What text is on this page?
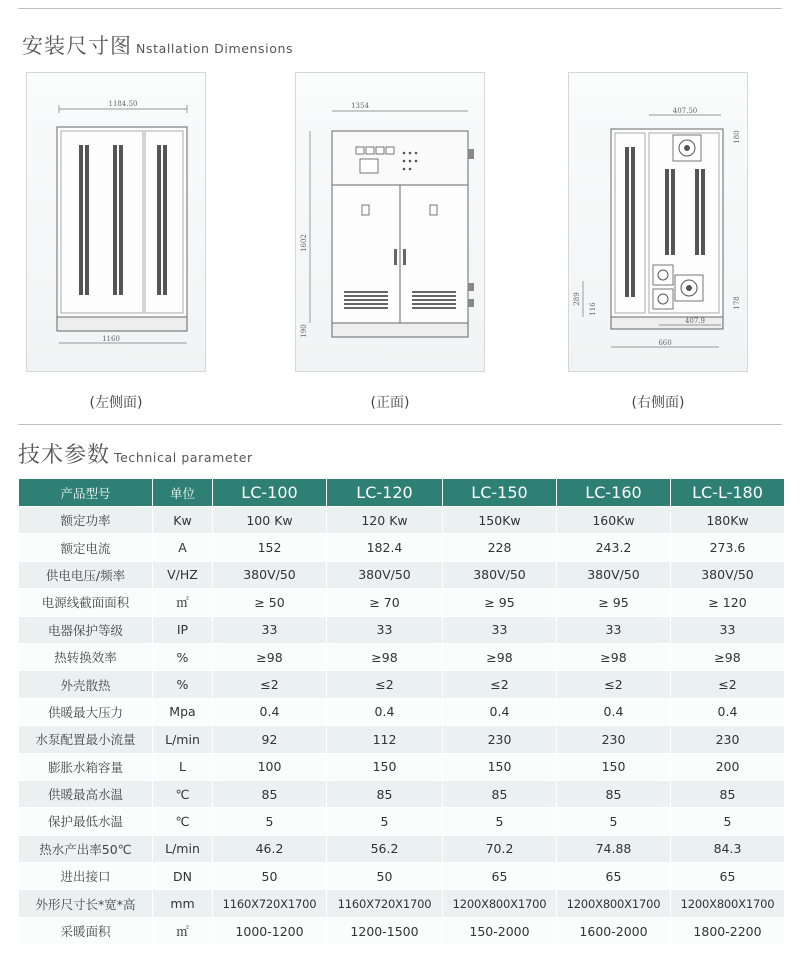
安装尺寸图 Nstallation Dimensions
1184.50
1160
1354
1602
190
407.50
180
289
116	178
407.9
660
(左侧面)	(正面)	(右侧面)
技术参数 Technical parameter
产品型号	单位	LC-100	LC-120	LC-150	LC-160	LC-L-180
额定功率	Kw	100 Kw	120 Kw	150Kw	160Kw	180Kw
额定电流	A	152	182.4	228	243.2	273.6
供电电压/频率	V/HZ	380V/50	380V/50	380V/50	380V/50	380V/50
电源线截面面积	㎡	≥ 50	≥ 70	≥ 95	≥ 95	≥ 120
电器保护等级	IP	33	33	33	33	33
热转换效率	%	≥98	≥98	≥98	≥98	≥98
外壳散热	%	≤2	≤2	≤2	≤2	≤2
供暖最大压力	Mpa	0.4	0.4	0.4	0.4	0.4
水泵配置最小流量	L/min	92	112	230	230	230
膨胀水箱容量	L	100	150	150	150	200
供暖最高水温	℃	85	85	85	85	85
保护最低水温	℃	5	5	5	5	5
热水产出率50℃	L/min	46.2	56.2	70.2	74.88	84.3
进出接口	DN	50	50	65	65	65
外形尺寸长*宽*高	mm	1160X720X1700	1160X720X1700	1200X800X1700	1200X800X1700	1200X800X1700
采暖面积	㎡	1000-1200	1200-1500	150-2000	1600-2000	1800-2200
